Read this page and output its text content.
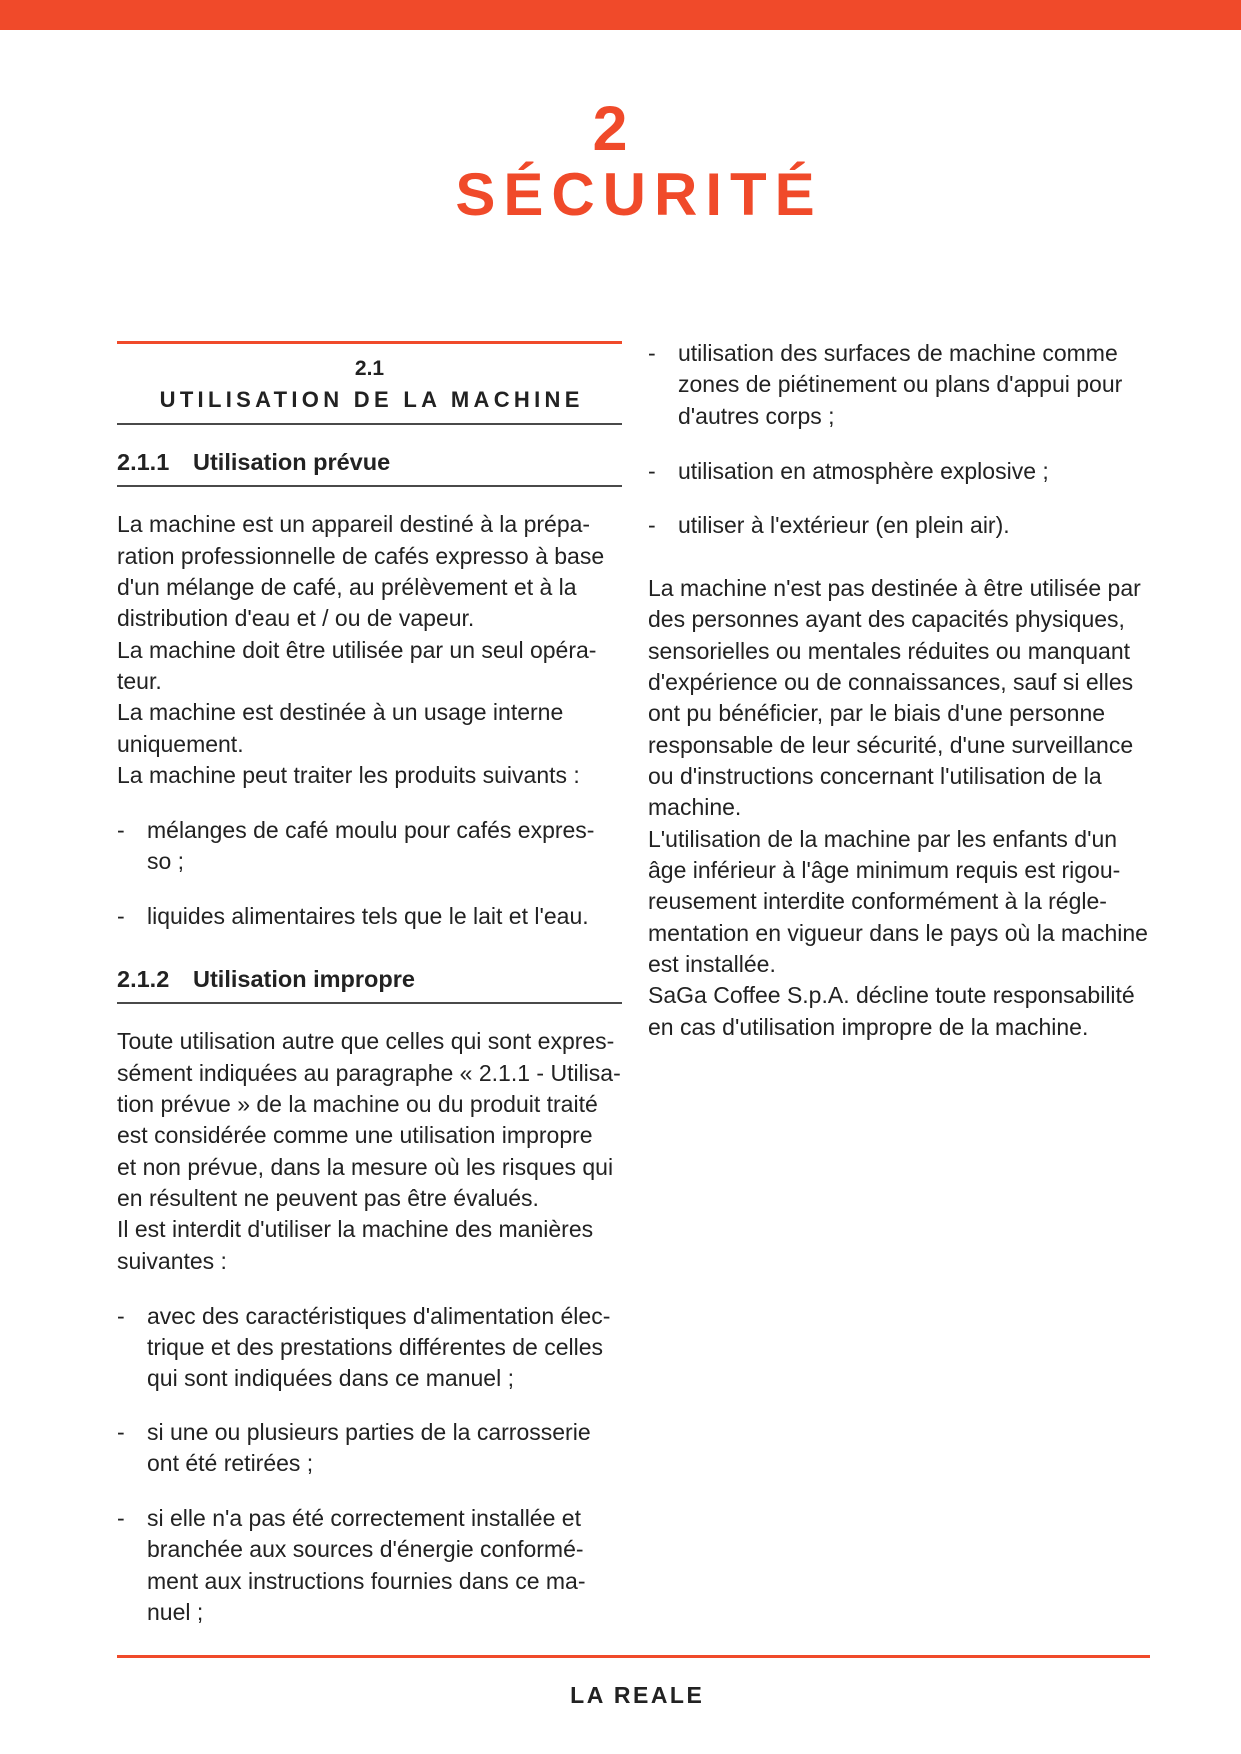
2
SÉCURITÉ
2.1
UTILISATION DE LA MACHINE
2.1.1 Utilisation prévue
La machine est un appareil destiné à la prépa-
ration professionnelle de cafés expresso à base
d'un mélange de café, au prélèvement et à la
distribution d'eau et / ou de vapeur.
La machine doit être utilisée par un seul opéra-
teur.
La machine est destinée à un usage interne
uniquement.
La machine peut traiter les produits suivants :
- mélanges de café moulu pour cafés expres-
so ;
- liquides alimentaires tels que le lait et l'eau.
2.1.2 Utilisation impropre
Toute utilisation autre que celles qui sont expres-
sément indiquées au paragraphe « 2.1.1 - Utilisa-
tion prévue » de la machine ou du produit traité
est considérée comme une utilisation impropre
et non prévue, dans la mesure où les risques qui
en résultent ne peuvent pas être évalués.
Il est interdit d'utiliser la machine des manières
suivantes :
- avec des caractéristiques d'alimentation élec-
trique et des prestations différentes de celles
qui sont indiquées dans ce manuel ;
- si une ou plusieurs parties de la carrosserie
ont été retirées ;
- si elle n'a pas été correctement installée et
branchée aux sources d'énergie conformé-
ment aux instructions fournies dans ce ma-
nuel ;
- utilisation des surfaces de machine comme
zones de piétinement ou plans d'appui pour
d'autres corps ;
- utilisation en atmosphère explosive ;
- utiliser à l'extérieur (en plein air).
La machine n'est pas destinée à être utilisée par
des personnes ayant des capacités physiques,
sensorielles ou mentales réduites ou manquant
d'expérience ou de connaissances, sauf si elles
ont pu bénéficier, par le biais d'une personne
responsable de leur sécurité, d'une surveillance
ou d'instructions concernant l'utilisation de la
machine.
L'utilisation de la machine par les enfants d'un
âge inférieur à l'âge minimum requis est rigou-
reusement interdite conformément à la régle-
mentation en vigueur dans le pays où la machine
est installée.
SaGa Coffee S.p.A. décline toute responsabilité
en cas d'utilisation impropre de la machine.
LA REALE
